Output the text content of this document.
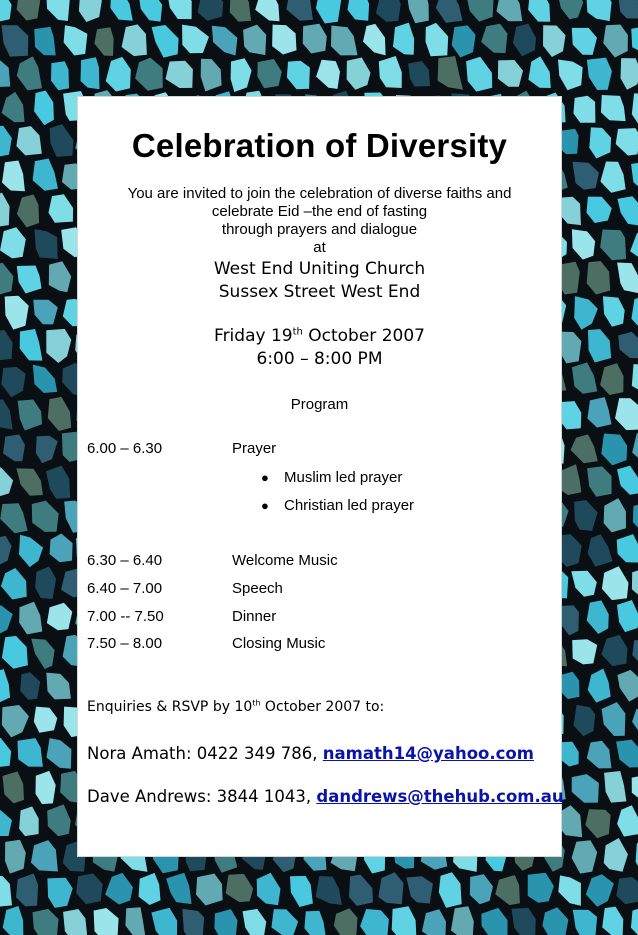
Celebration of Diversity
You are invited to join the celebration of diverse faiths and
celebrate Eid –the end of fasting
through prayers and dialogue
at
West End Uniting Church
Sussex Street West End
Friday 19th October 2007
6:00 – 8:00 PM
Program
6.00 – 6.30	Prayer
● Muslim led prayer
● Christian led prayer
6.30 – 6.40	Welcome Music
6.40 – 7.00	Speech
7.00 -- 7.50	Dinner
7.50 – 8.00	Closing Music
Enquiries & RSVP by 10th October 2007 to:
Nora Amath: 0422 349 786, namath14@yahoo.com
Dave Andrews: 3844 1043, dandrews@thehub.com.au
